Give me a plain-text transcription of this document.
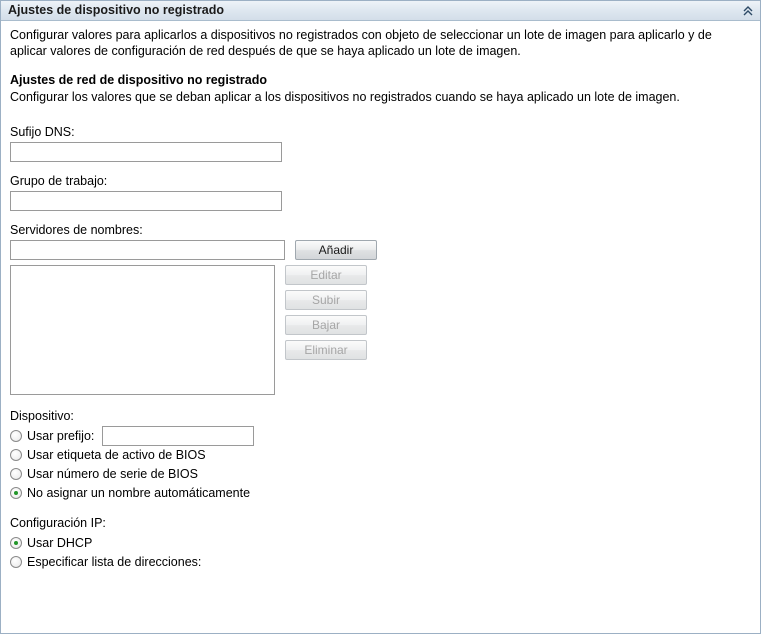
Ajustes de dispositivo no registrado

Configurar valores para aplicarlos a dispositivos no registrados con objeto de seleccionar un lote de imagen para aplicarlo y de aplicar valores de configuración de red después de que se haya aplicado un lote de imagen.

Ajustes de red de dispositivo no registrado
Configurar los valores que se deban aplicar a los dispositivos no registrados cuando se haya aplicado un lote de imagen.
Sufijo DNS:
Grupo de trabajo:
Servidores de nombres:
Añadir
Editar
Subir
Bajar
Eliminar
Dispositivo:
Usar prefijo:
Usar etiqueta de activo de BIOS
Usar número de serie de BIOS
No asignar un nombre automáticamente
Configuración IP:
Usar DHCP
Especificar lista de direcciones:
